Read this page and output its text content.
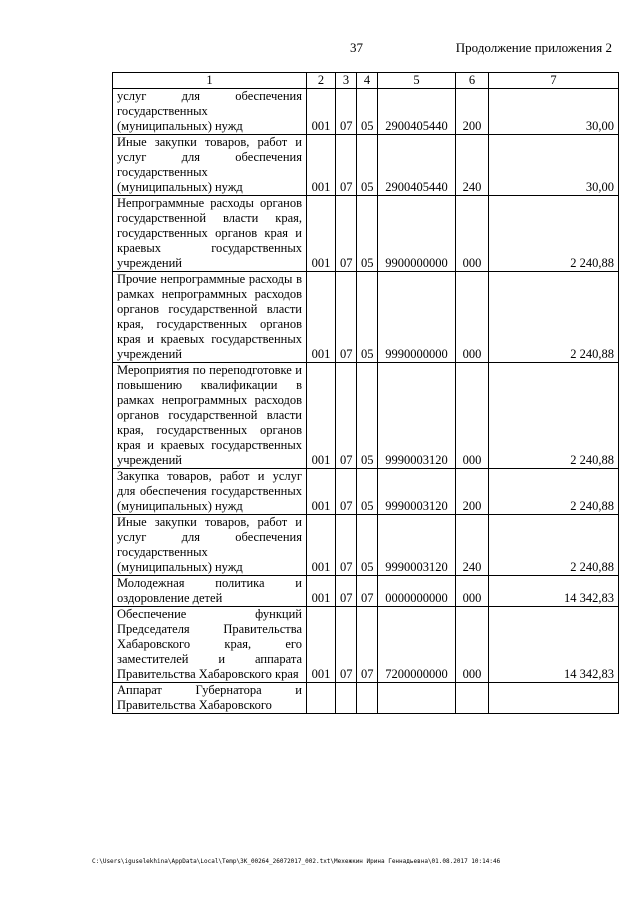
37	Продолжение приложения 2
1	2	3	4	5	6	7
услуг для обеспечения государственных (муниципальных) нужд	001	07	05	2900405440	200	30,00
Иные закупки товаров, работ и услуг для обеспечения государственных (муниципальных) нужд	001	07	05	2900405440	240	30,00
Непрограммные расходы органов государственной власти края, государственных органов края и краевых государственных учреждений	001	07	05	9900000000	000	2 240,88
Прочие непрограммные расходы в рамках непрограммных расходов органов государственной власти края, государственных органов края и краевых государственных учреждений	001	07	05	9990000000	000	2 240,88
Мероприятия по переподготовке и повышению квалификации в рамках непрограммных расходов органов государственной власти края, государственных органов края и краевых государственных учреждений	001	07	05	9990003120	000	2 240,88
Закупка товаров, работ и услуг для обеспечения государственных (муниципальных) нужд	001	07	05	9990003120	200	2 240,88
Иные закупки товаров, работ и услуг для обеспечения государственных (муниципальных) нужд	001	07	05	9990003120	240	2 240,88
Молодежная политика и оздоровление детей	001	07	07	0000000000	000	14 342,83
Обеспечение функций Председателя Правительства Хабаровского края, его заместителей и аппарата Правительства Хабаровского края	001	07	07	7200000000	000	14 342,83
Аппарат Губернатора и Правительства Хабаровского						
C:\Users\iguselekhina\AppData\Local\Temp\ЗК_00264_26072017_002.txt\Мехежкин Ирина Геннадьевна\01.08.2017 10:14:46
